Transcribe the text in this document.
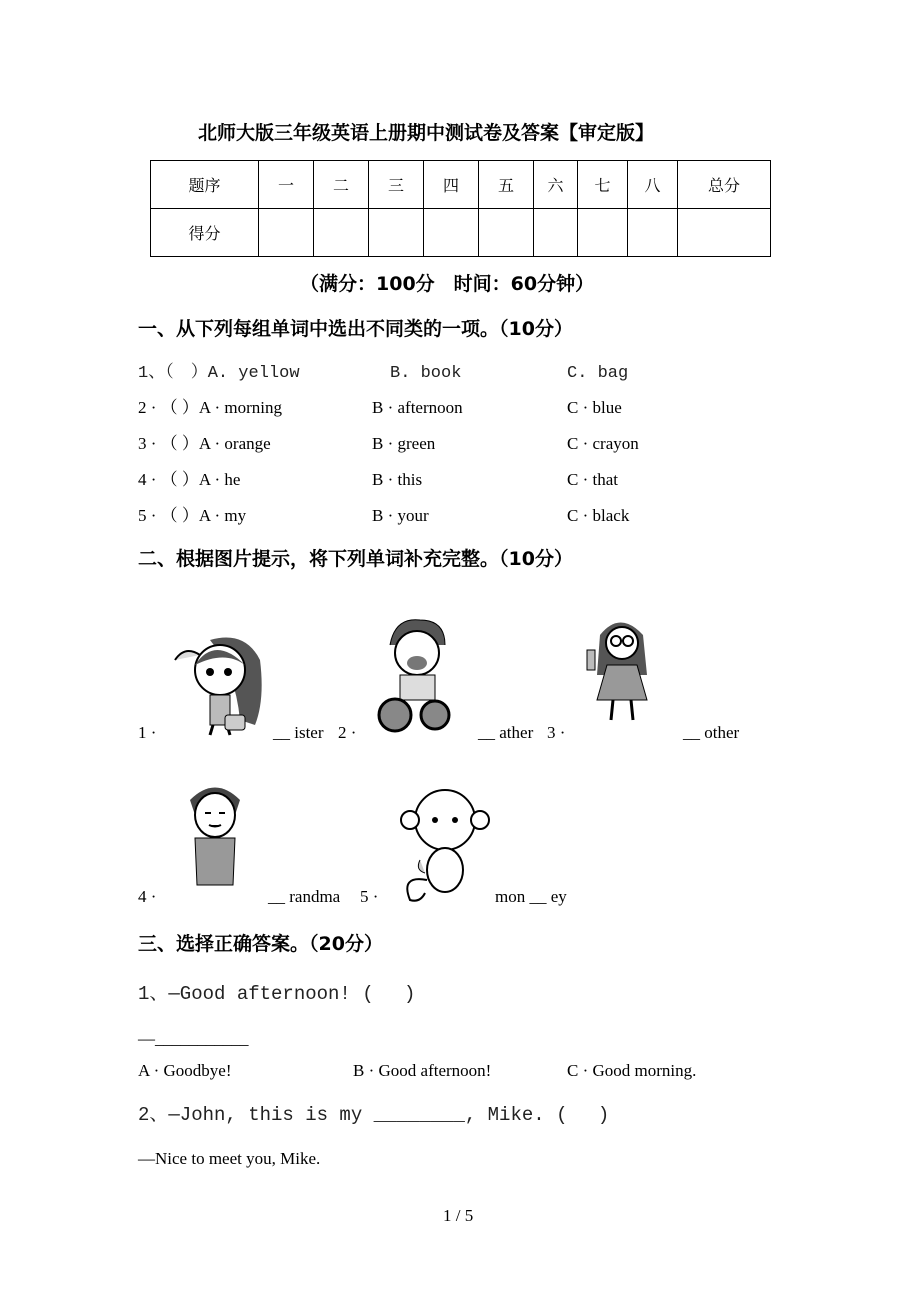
北师大版三年级英语上册期中测试卷及答案【审定版】
题序	一	二	三	四	五	六	七	八	总分
得分									
（满分：100分　时间：60分钟）
一、从下列每组单词中选出不同类的一项。（10分）
1、（　）A. yellow	B. book	C. bag
2 · （ ）A · morning	B · afternoon	C · blue
3 · （ ）A · orange	B · green	C · crayon
4 · （ ）A · he	B · this	C · that
5 · （ ）A · my	B · your	C · black
二、根据图片提示，将下列单词补充完整。（10分）
1 ·	__ ister 2 ·	__ ather 3 ·	__ other
4 ·	__ randma 5 ·	mon __ ey
三、选择正确答案。（20分）
1、—Good afternoon! (　 )
—___________
A · Goodbye!	B · Good afternoon!	C · Good morning.
2、—John, this is my ________, Mike. (　 )
—Nice to meet you, Mike.
1 / 5
